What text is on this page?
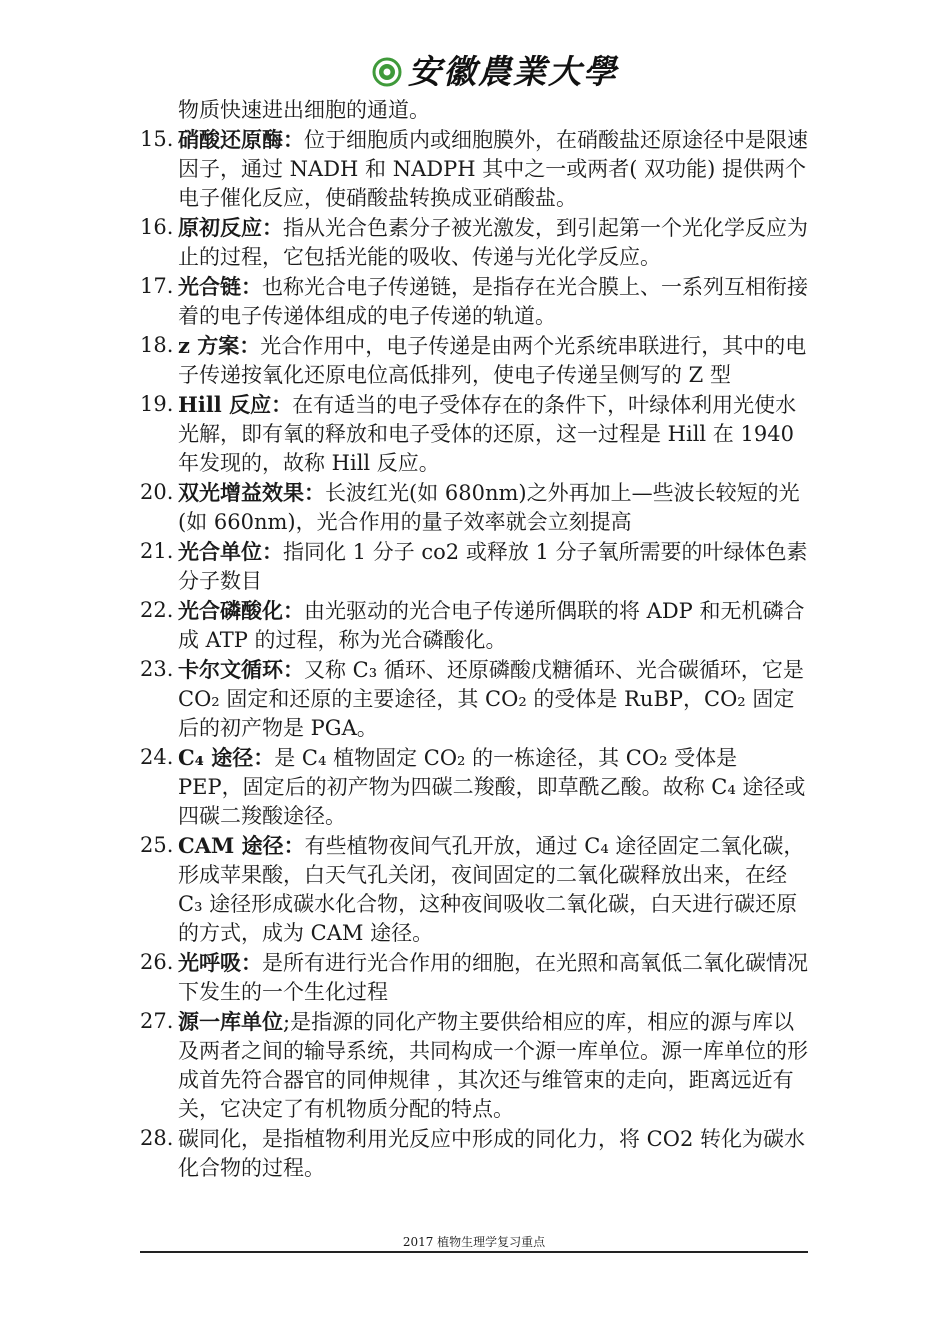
安徽農業大學
物质快速进出细胞的通道。
15. 硝酸还原酶：位于细胞质内或细胞膜外，在硝酸盐还原途径中是限速因子，通过 NADH 和 NADPH 其中之一或两者( 双功能) 提供两个电子催化反应，使硝酸盐转换成亚硝酸盐。
16. 原初反应：指从光合色素分子被光激发，到引起第一个光化学反应为止的过程，它包括光能的吸收、传递与光化学反应。
17. 光合链：也称光合电子传递链，是指存在光合膜上、一系列互相衔接着的电子传递体组成的电子传递的轨道。
18. z 方案：光合作用中，电子传递是由两个光系统串联进行，其中的电子传递按氧化还原电位高低排列，使电子传递呈侧写的 Z 型
19. Hill 反应：在有适当的电子受体存在的条件下，叶绿体利用光使水光解，即有氧的释放和电子受体的还原，这一过程是 Hill 在 1940 年发现的，故称 Hill 反应。
20. 双光增益效果：长波红光(如 680nm)之外再加上—些波长较短的光(如 660nm)，光合作用的量子效率就会立刻提高
21. 光合单位：指同化 1 分子 co2 或释放 1 分子氧所需要的叶绿体色素分子数目
22. 光合磷酸化：由光驱动的光合电子传递所偶联的将 ADP 和无机磷合成 ATP 的过程，称为光合磷酸化。
23. 卡尔文循环：又称 C₃ 循环、还原磷酸戊糖循环、光合碳循环，它是 CO₂ 固定和还原的主要途径，其 CO₂ 的受体是 RuBP，CO₂ 固定后的初产物是 PGA。
24. C₄ 途径：是 C₄ 植物固定 CO₂ 的一栋途径，其 CO₂ 受体是 PEP，固定后的初产物为四碳二羧酸，即草酰乙酸。故称 C₄ 途径或四碳二羧酸途径。
25. CAM 途径：有些植物夜间气孔开放，通过 C₄ 途径固定二氧化碳，形成苹果酸，白天气孔关闭，夜间固定的二氧化碳释放出来，在经 C₃ 途径形成碳水化合物，这种夜间吸收二氧化碳，白天进行碳还原的方式，成为 CAM 途径。
26. 光呼吸：是所有进行光合作用的细胞，在光照和高氧低二氧化碳情况下发生的一个生化过程
27. 源一库单位;是指源的同化产物主要供给相应的库，相应的源与库以及两者之间的输导系统，共同构成一个源一库单位。源一库单位的形成首先符合器官的同伸规律 ，其次还与维管束的走向，距离远近有关，它决定了有机物质分配的特点。
28. 碳同化，是指植物利用光反应中形成的同化力，将 CO2 转化为碳水化合物的过程。
2017 植物生理学复习重点
